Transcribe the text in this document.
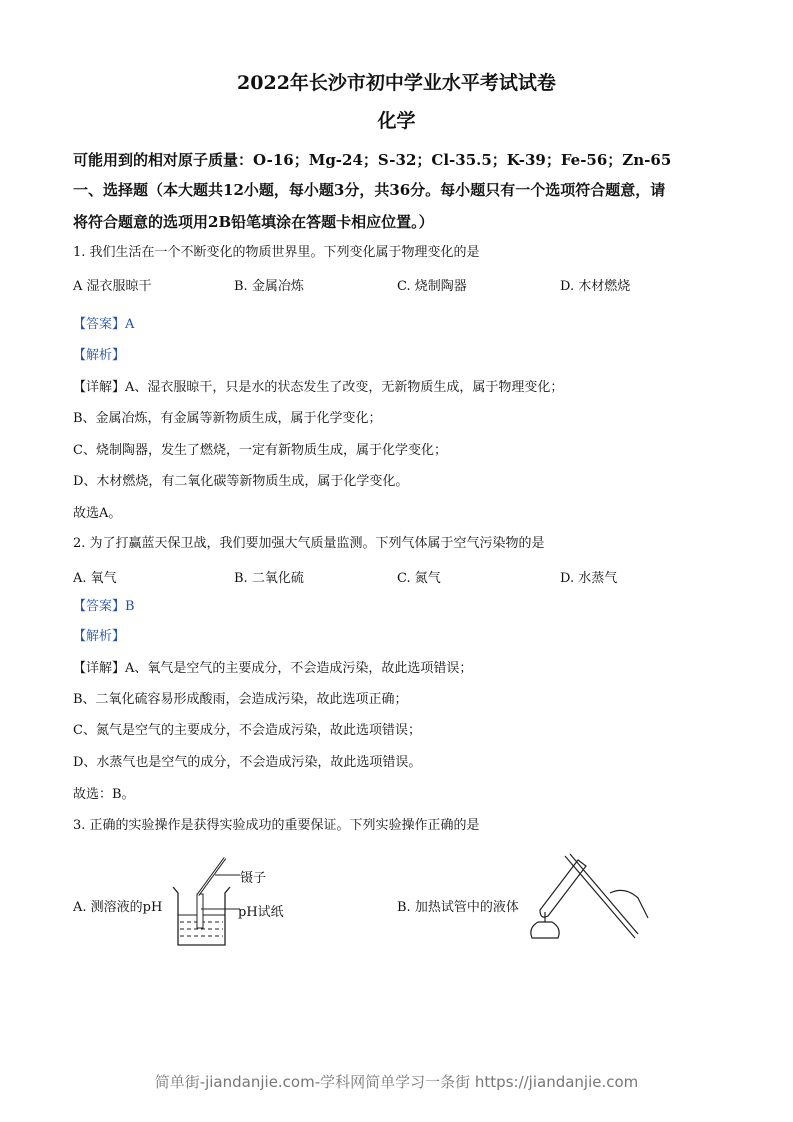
2022年长沙市初中学业水平考试试卷
化学
可能用到的相对原子质量：O-16；Mg-24；S-32；Cl-35.5；K-39；Fe-56；Zn-65
一、选择题（本大题共12小题，每小题3分，共36分。每小题只有一个选项符合题意，请
将符合题意的选项用2B铅笔填涂在答题卡相应位置。）
1. 我们生活在一个不断变化的物质世界里。下列变化属于物理变化的是
A 湿衣服晾干	B. 金属冶炼	C. 烧制陶器	D. 木材燃烧
【答案】A
【解析】
【详解】A、湿衣服晾干，只是水的状态发生了改变，无新物质生成，属于物理变化；
B、金属冶炼，有金属等新物质生成，属于化学变化；
C、烧制陶器，发生了燃烧，一定有新物质生成，属于化学变化；
D、木材燃烧，有二氧化碳等新物质生成，属于化学变化。
故选A。
2. 为了打赢蓝天保卫战，我们要加强大气质量监测。下列气体属于空气污染物的是
A. 氧气	B. 二氧化硫	C. 氮气	D. 水蒸气
【答案】B
【解析】
【详解】A、氧气是空气的主要成分，不会造成污染，故此选项错误；
B、二氧化硫容易形成酸雨，会造成污染，故此选项正确；
C、氮气是空气的主要成分，不会造成污染，故此选项错误；
D、水蒸气也是空气的成分，不会造成污染，故此选项错误。
故选：B。
3. 正确的实验操作是获得实验成功的重要保证。下列实验操作正确的是
A. 测溶液的pH
镊子
pH试纸	B. 加热试管中的液体
简单街-jiandanjie.com-学科网简单学习一条街 https://jiandanjie.com
